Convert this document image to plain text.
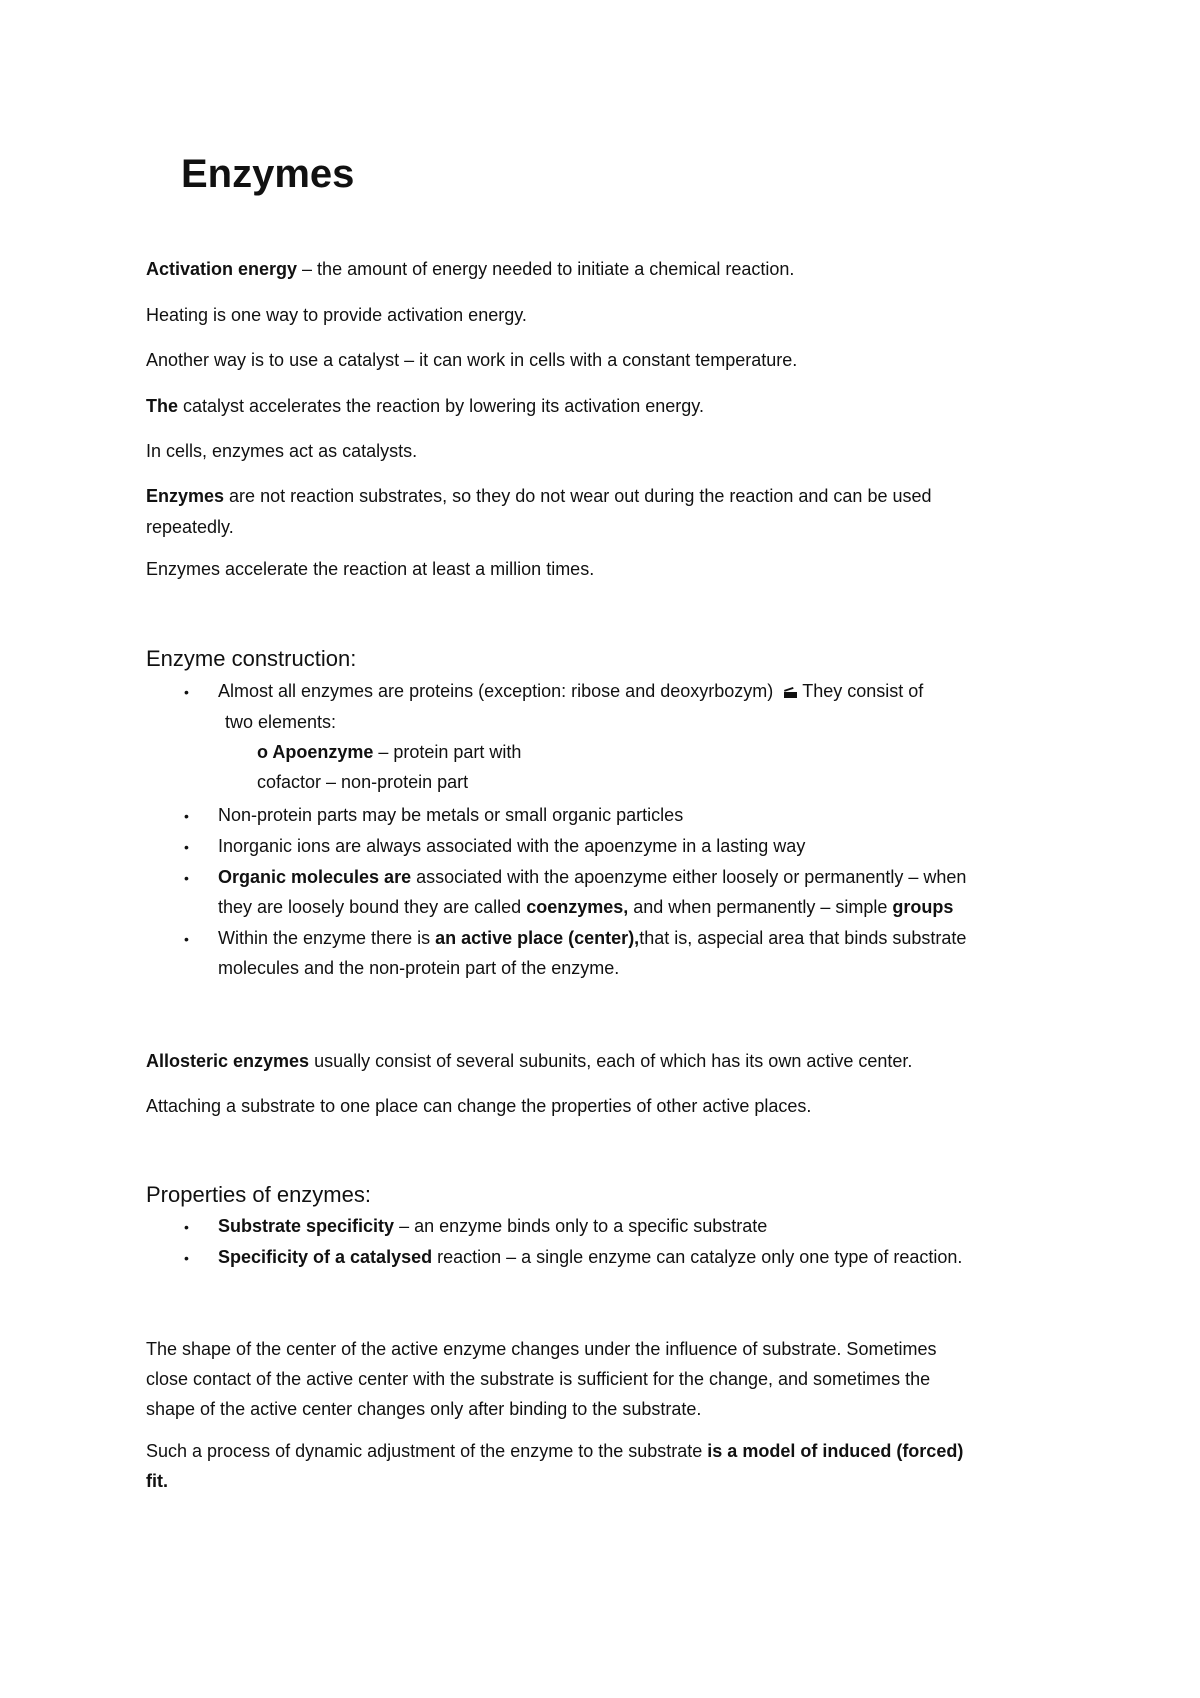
Enzymes
Activation energy – the amount of energy needed to initiate a chemical reaction.
Heating is one way to provide activation energy.
Another way is to use a catalyst – it can work in cells with a constant temperature.
The catalyst accelerates the reaction by lowering its activation energy.
In cells, enzymes act as catalysts.
Enzymes are not reaction substrates, so they do not wear out during the reaction and can be used
repeatedly.
Enzymes accelerate the reaction at least a million times.
Enzyme construction:
•
Almost all enzymes are proteins (exception: ribose and deoxyrbozym) They consist of
two elements:
o Apoenzyme – protein part with
cofactor – non-protein part
•
Non-protein parts may be metals or small organic particles
•
Inorganic ions are always associated with the apoenzyme in a lasting way
•
Organic molecules are associated with the apoenzyme either loosely or permanently – when
they are loosely bound they are called coenzymes, and when permanently – simple groups
•
Within the enzyme there is an active place (center),that is, aspecial area that binds substrate
molecules and the non-protein part of the enzyme.
Allosteric enzymes usually consist of several subunits, each of which has its own active center.
Attaching a substrate to one place can change the properties of other active places.
Properties of enzymes:
•
Substrate specificity – an enzyme binds only to a specific substrate
•
Specificity of a catalysed reaction – a single enzyme can catalyze only one type of reaction.
The shape of the center of the active enzyme changes under the influence of substrate. Sometimes
close contact of the active center with the substrate is sufficient for the change, and sometimes the
shape of the active center changes only after binding to the substrate.
Such a process of dynamic adjustment of the enzyme to the substrate is a model of induced (forced)
fit.
